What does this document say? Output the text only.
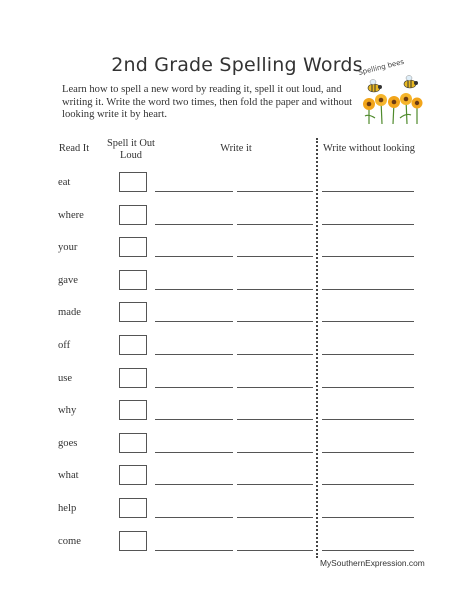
2nd Grade Spelling Words
Learn how to spell a new word by reading it, spell it out loud, and writing it. Write the word two times, then fold the paper and without looking write it by heart.
Spelling bees
Read It	Spell it Out Loud
Write it	Write without looking
eat
where
your
gave
made
off
use
why
goes
what
help
come
MySouthernExpression.com
